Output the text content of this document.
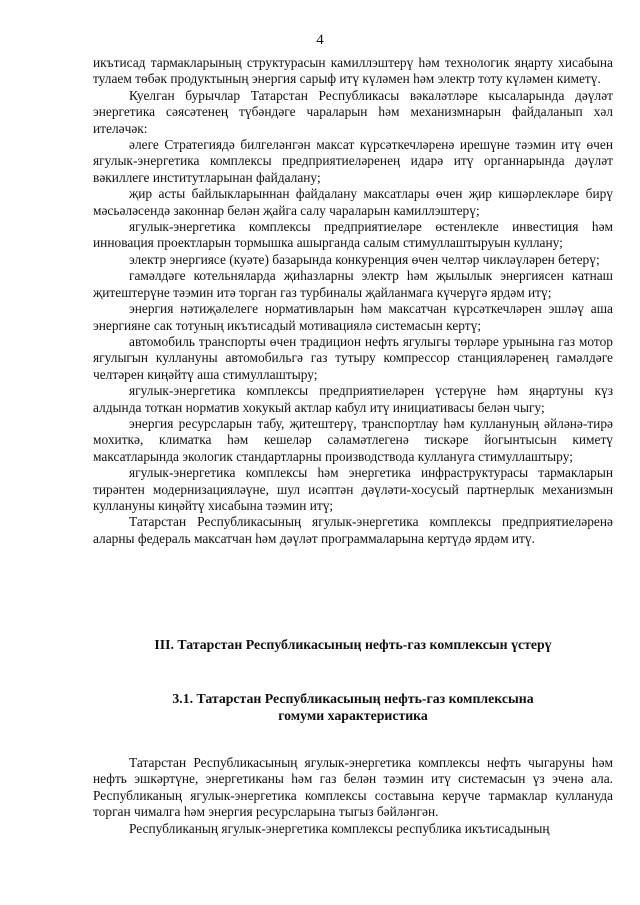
4

икътисад тармакларының структурасын камиллэштерү һәм технологик яңарту хисабына тулаем төбәк продуктының энергия сарыф итү күләмен һәм электр тоту күләмен киметү.

Куелган бурычлар Татарстан Республикасы вәкаләтләре кысаларында дәүләт энергетика сәясәтенең түбәндәге чараларын һәм механизмнарын файдаланып хәл ителәчәк:

әлеге Стратегиядә билгеләнгән максат күрсәткечләренә ирешүне тәэмин итү өчен ягулык-энергетика комплексы предприятиеләренең идарә итү органнарында дәүләт вәкиллеге институтларынан файдалану;

җир асты байлыкларыннан файдалану максатлары өчен җир кишәрлекләре бирү мәсьәләсендә законнар белән җайга салу чараларын камиллэштерү;

ягулык-энергетика комплексы предприятиеләре өстенлекле инвестиция һәм инновация проектларын тормышка ашырганда салым стимуллаштыруын куллану;

электр энергиясе (куәте) базарында конкуренция өчен челтәр чикләүләрен бетерү;

гамәлдәге котельняларда җиһазларны электр һәм җылылык энергиясен катнаш җитештерүне тәэмин итә торган газ турбиналы җайланмага күчерүгә ярдәм итү;

энергия нәтиҗәлелеге нормативларын һәм максатчан күрсәткечләрен эшләү аша энергияне сак тотуның икътисадый мотивациялә системасын кертү;

автомобиль транспорты өчен традицион нефть ягулыгы төрләре урынына газ мотор ягулыгын куллануны автомобильгә газ тутыру компрессор станцияләренең гамәлдәге челтәрен киңәйтү аша стимуллаштыру;

ягулык-энергетика комплексы предприятиеләрен үстерүне һәм яңартуны күз алдында тоткан норматив хокукый актлар кабул итү инициативасы белән чыгу;

энергия ресурсларын табу, җитештерү, транспортлау һәм куллануның әйләнә-тирә мохиткә, климатка һәм кешеләр сәламәтлегенә тискәре йогынтысын киметү максатларында экологик стандартларны производствода куллануга стимуллаштыру;

ягулык-энергетика комплексы һәм энергетика инфраструктурасы тармакларын тирәнтен модернизацияләүне, шул исәптән дәүләти-хосусый партнерлык механизмын куллануны киңәйтү хисабына тәэмин итү;

Татарстан Республикасының ягулык-энергетика комплексы предприятиеләренә аларны федераль максатчан һәм дәүләт программаларына кертүдә ярдәм итү.

III. Татарстан Республикасының нефть-газ комплексын үстерү
3.1. Татарстан Республикасының нефть-газ комплексына
гомуми характеристика

Татарстан Республикасының ягулык-энергетика комплексы нефть чыгаруны һәм нефть эшкәртүне, энергетиканы һәм газ белән тәэмин итү системасын үз эченә ала. Республиканың ягулык-энергетика комплексы составына керүче тармаклар куллануда торган чималга һәм энергия ресурсларына тыгыз бәйләнгән.

Республиканың ягулык-энергетика комплексы республика икътисадының
